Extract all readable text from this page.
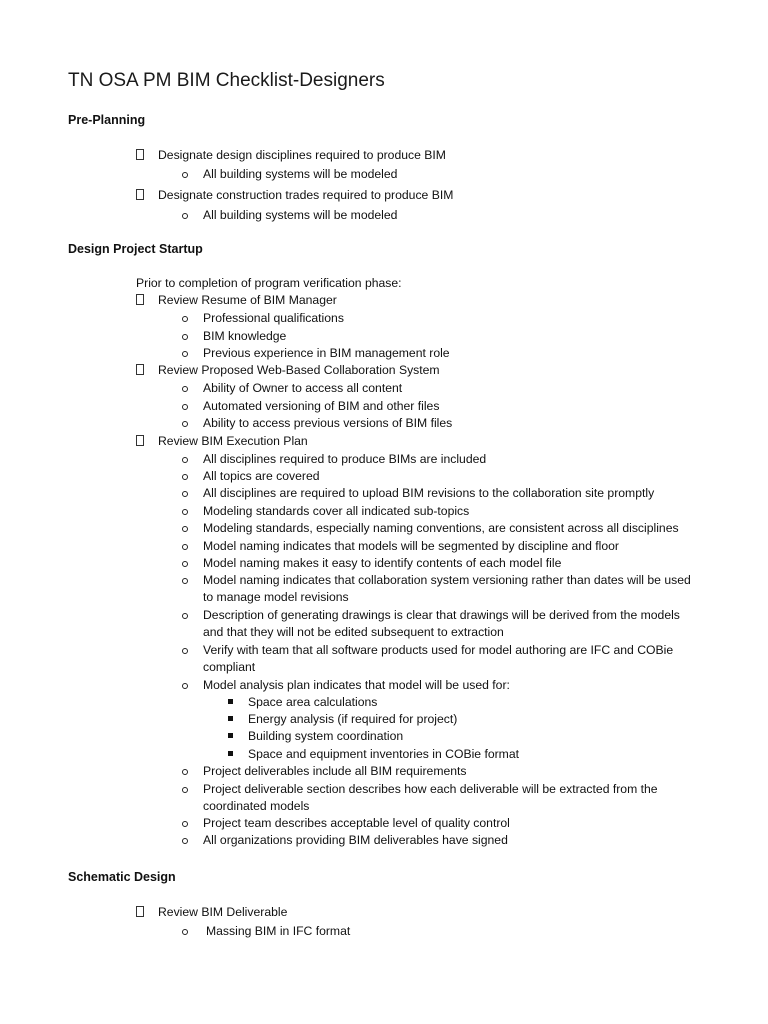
TN OSA PM BIM Checklist-Designers
Pre-Planning
Designate design disciplines required to produce BIM
All building systems will be modeled
Designate construction trades required to produce BIM
All building systems will be modeled
Design Project Startup
Prior to completion of program verification phase:
Review Resume of BIM Manager
Professional qualifications
BIM knowledge
Previous experience in BIM management role
Review Proposed Web-Based Collaboration System
Ability of Owner to access all content
Automated versioning of BIM and other files
Ability to access previous versions of BIM files
Review BIM Execution Plan
All disciplines required to produce BIMs are included
All topics are covered
All disciplines are required to upload BIM revisions to the collaboration site promptly
Modeling standards cover all indicated sub-topics
Modeling standards, especially naming conventions, are consistent across all disciplines
Model naming indicates that models will be segmented by discipline and floor
Model naming makes it easy to identify contents of each model file
Model naming indicates that collaboration system versioning rather than dates will be used to manage model revisions
Description of generating drawings is clear that drawings will be derived from the models and that they will not be edited subsequent to extraction
Verify with team that all software products used for model authoring are IFC and COBie compliant
Model analysis plan indicates that model will be used for:
Space area calculations
Energy analysis (if required for project)
Building system coordination
Space and equipment inventories in COBie format
Project deliverables include all BIM requirements
Project deliverable section describes how each deliverable will be extracted from the coordinated models
Project team describes acceptable level of quality control
All organizations providing BIM deliverables have signed
Schematic Design
Review BIM Deliverable
Massing BIM in IFC format
